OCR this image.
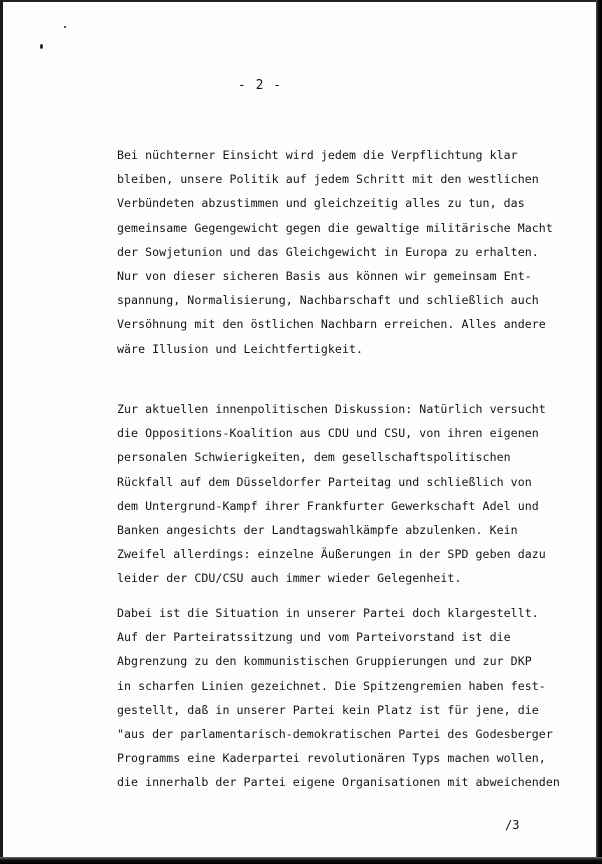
- 2 -
Bei nüchterner Einsicht wird jedem die Verpflichtung klar
bleiben, unsere Politik auf jedem Schritt mit den westlichen
Verbündeten abzustimmen und gleichzeitig alles zu tun, das
gemeinsame Gegengewicht gegen die gewaltige militärische Macht
der Sowjetunion und das Gleichgewicht in Europa zu erhalten.
Nur von dieser sicheren Basis aus können wir gemeinsam Ent-
spannung, Normalisierung, Nachbarschaft und schließlich auch
Versöhnung mit den östlichen Nachbarn erreichen. Alles andere
wäre Illusion und Leichtfertigkeit.
Zur aktuellen innenpolitischen Diskussion: Natürlich versucht
die Oppositions-Koalition aus CDU und CSU, von ihren eigenen
personalen Schwierigkeiten, dem gesellschaftspolitischen
Rückfall auf dem Düsseldorfer Parteitag und schließlich von
dem Untergrund-Kampf ihrer Frankfurter Gewerkschaft Adel und
Banken angesichts der Landtagswahlkämpfe abzulenken. Kein
Zweifel allerdings: einzelne Äußerungen in der SPD geben dazu
leider der CDU/CSU auch immer wieder Gelegenheit.
Dabei ist die Situation in unserer Partei doch klargestellt.
Auf der Parteiratssitzung und vom Parteivorstand ist die
Abgrenzung zu den kommunistischen Gruppierungen und zur DKP
in scharfen Linien gezeichnet. Die Spitzengremien haben fest-
gestellt, daß in unserer Partei kein Platz ist für jene, die
"aus der parlamentarisch-demokratischen Partei des Godesberger
Programms eine Kaderpartei revolutionären Typs machen wollen,
die innerhalb der Partei eigene Organisationen mit abweichenden
/3
